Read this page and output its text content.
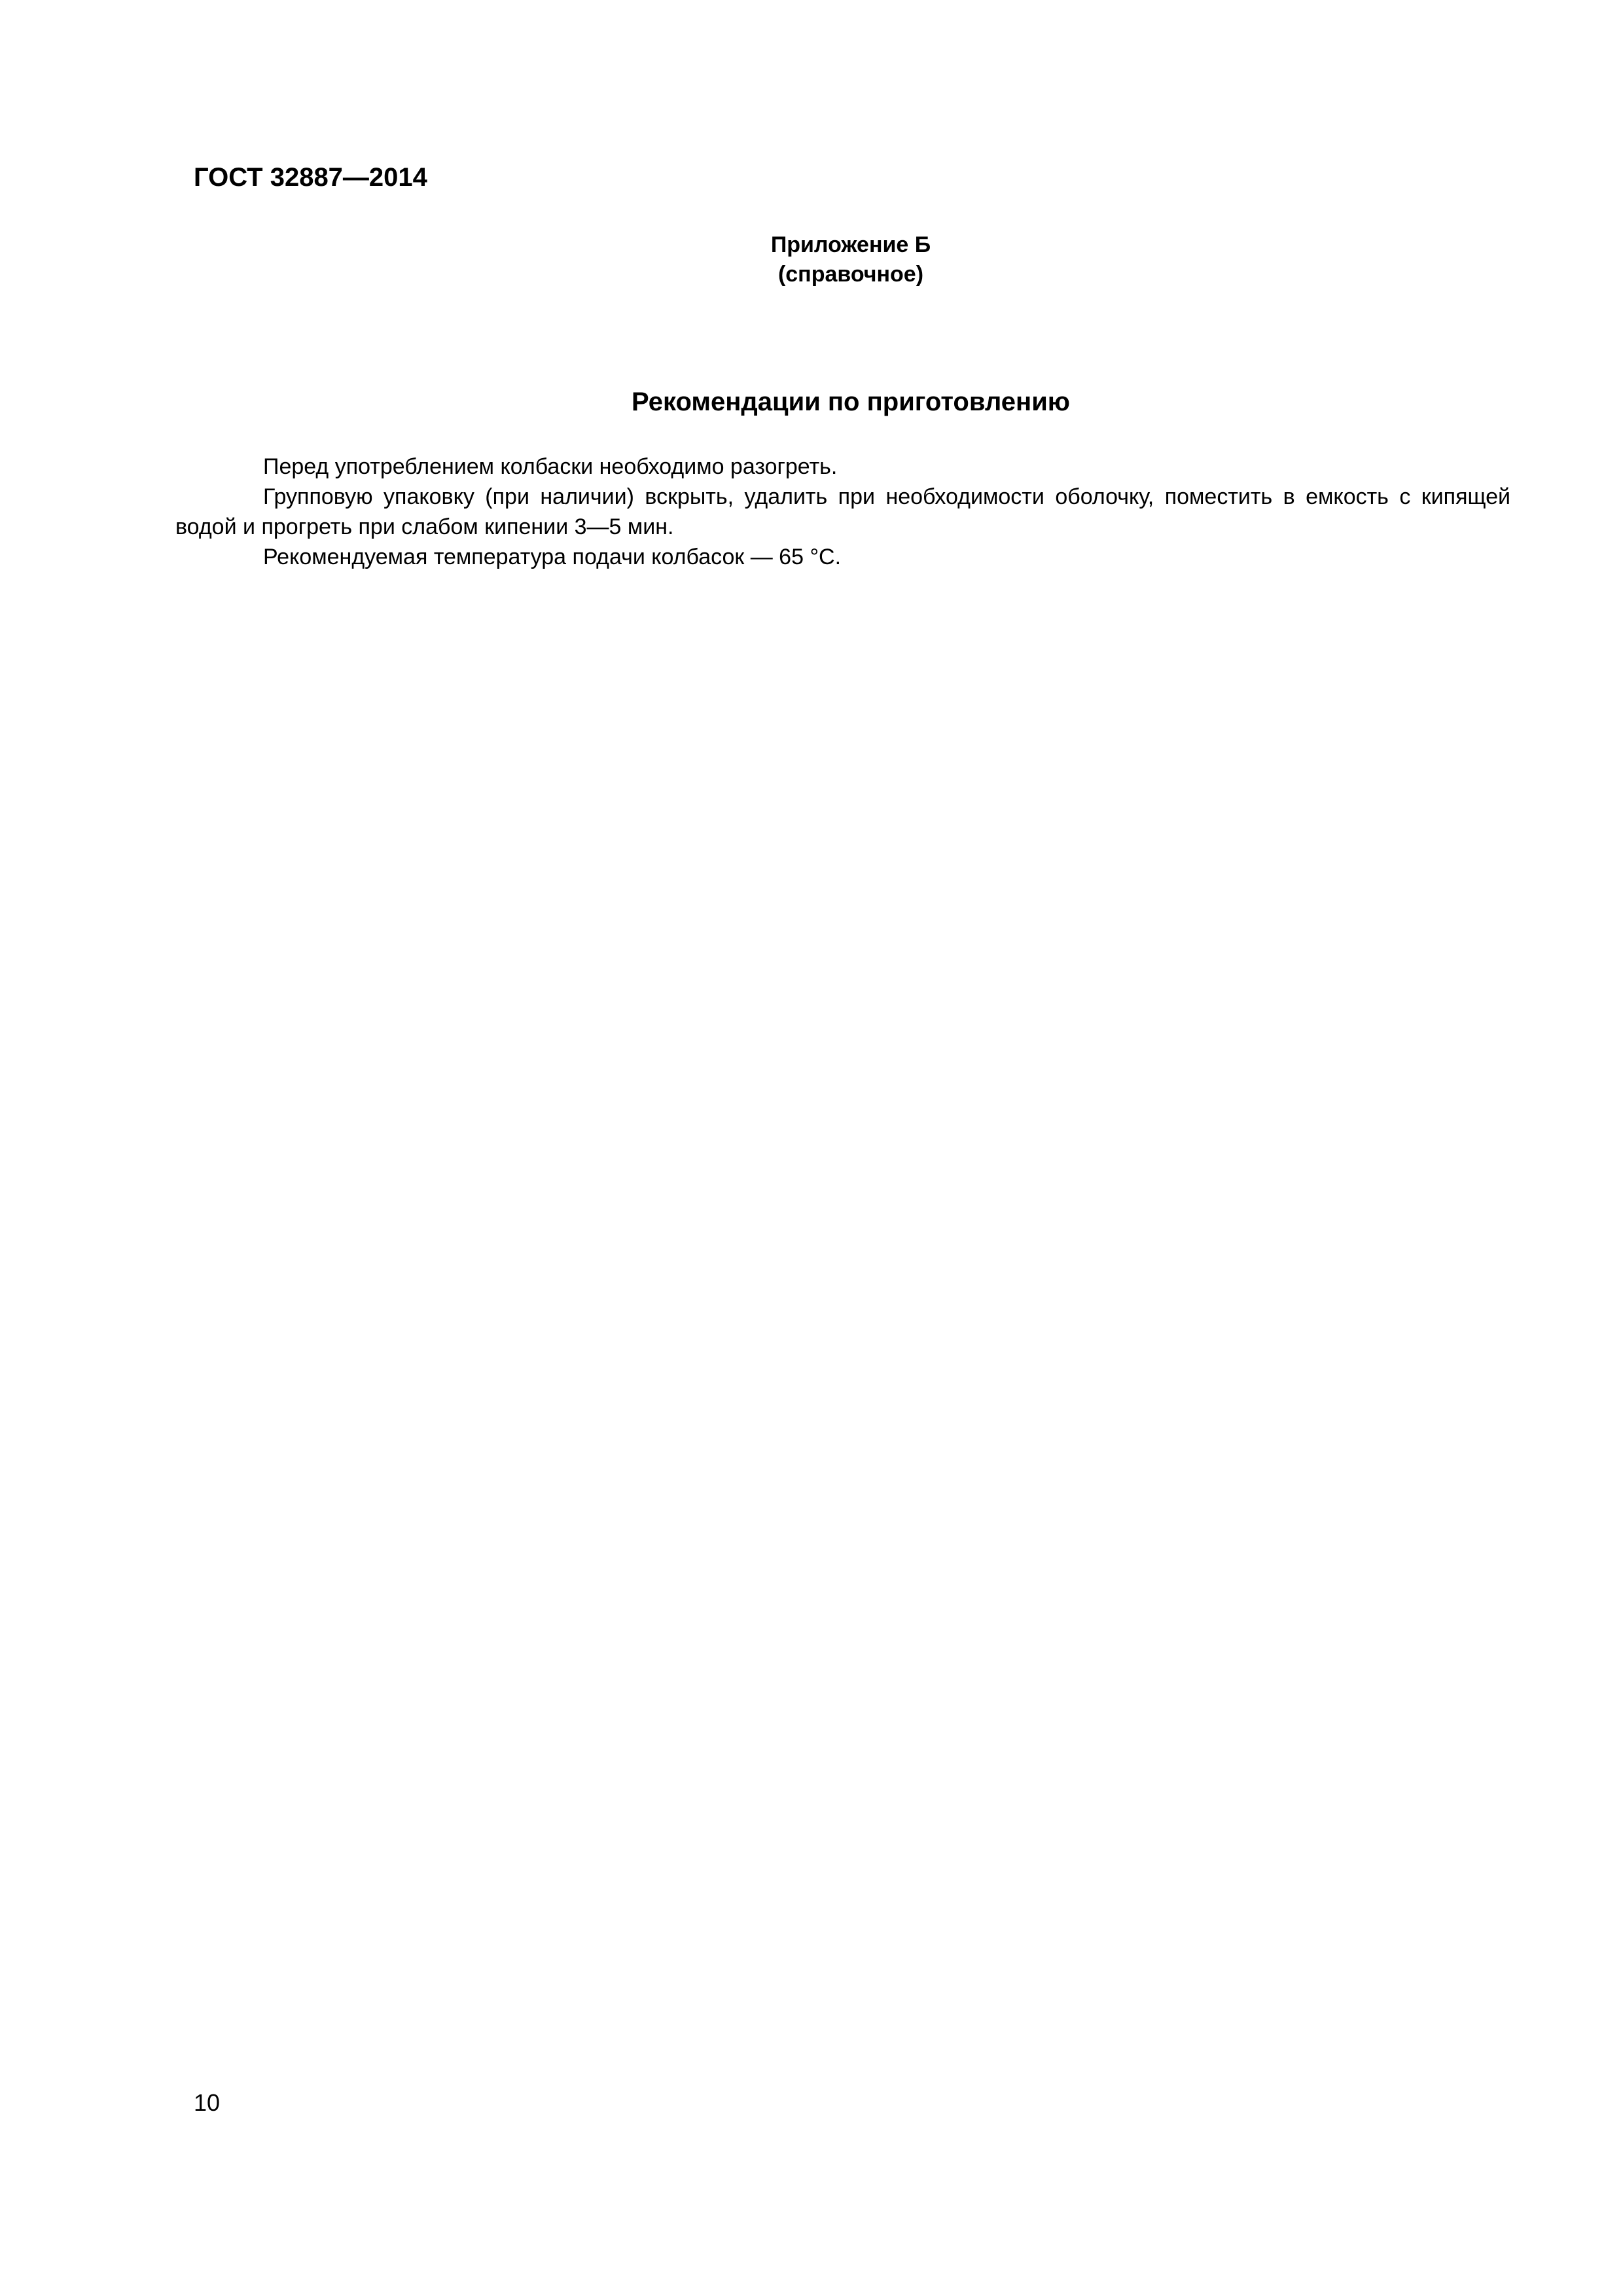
ГОСТ 32887—2014
Приложение Б
(справочное)
Рекомендации по приготовлению

Перед употреблением колбаски необходимо разогреть.

Групповую упаковку (при наличии) вскрыть, удалить при необходимости оболочку, поместить в емкость с кипящей водой и прогреть при слабом кипении 3—5 мин.

Рекомендуемая температура подачи колбасок — 65 °С.

10
